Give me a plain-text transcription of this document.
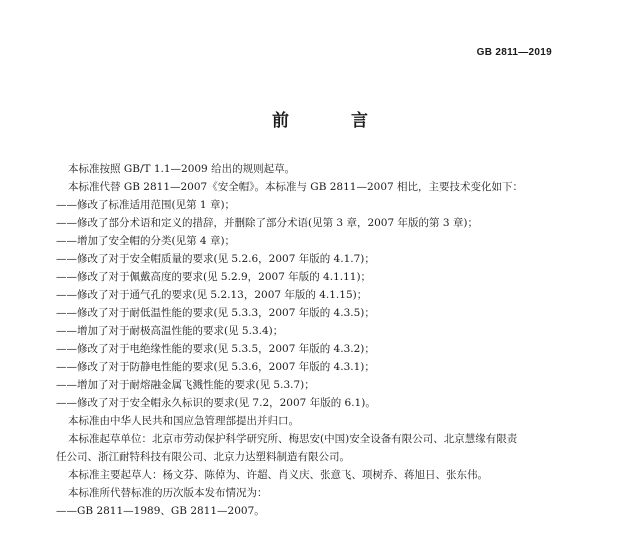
GB 2811—2019
前 言

本标准按照 GB/T 1.1—2009 给出的规则起草。

本标准代替 GB 2811—2007《安全帽》。本标准与 GB 2811—2007 相比，主要技术变化如下：

——修改了标准适用范围(见第 1 章)；

——修改了部分术语和定义的措辞，并删除了部分术语(见第 3 章，2007 年版的第 3 章)；

——增加了安全帽的分类(见第 4 章)；

——修改了对于安全帽质量的要求(见 5.2.6，2007 年版的 4.1.7)；

——修改了对于佩戴高度的要求(见 5.2.9，2007 年版的 4.1.11)；

——修改了对于通气孔的要求(见 5.2.13，2007 年版的 4.1.15)；

——修改了对于耐低温性能的要求(见 5.3.3，2007 年版的 4.3.5)；

——增加了对于耐极高温性能的要求(见 5.3.4)；

——修改了对于电绝缘性能的要求(见 5.3.5，2007 年版的 4.3.2)；

——修改了对于防静电性能的要求(见 5.3.6，2007 年版的 4.3.1)；

——增加了对于耐熔融金属飞溅性能的要求(见 5.3.7)；

——修改了对于安全帽永久标识的要求(见 7.2，2007 年版的 6.1)。

本标准由中华人民共和国应急管理部提出并归口。

本标准起草单位：北京市劳动保护科学研究所、梅思安(中国)安全设备有限公司、北京慧缘有限责

任公司、浙江耐特科技有限公司、北京力达塑料制造有限公司。

本标准主要起草人：杨文芬、陈倬为、许超、肖义庆、张意飞、项树乔、蒋旭日、张东伟。

本标准所代替标准的历次版本发布情况为：

——GB 2811—1989、GB 2811—2007。
